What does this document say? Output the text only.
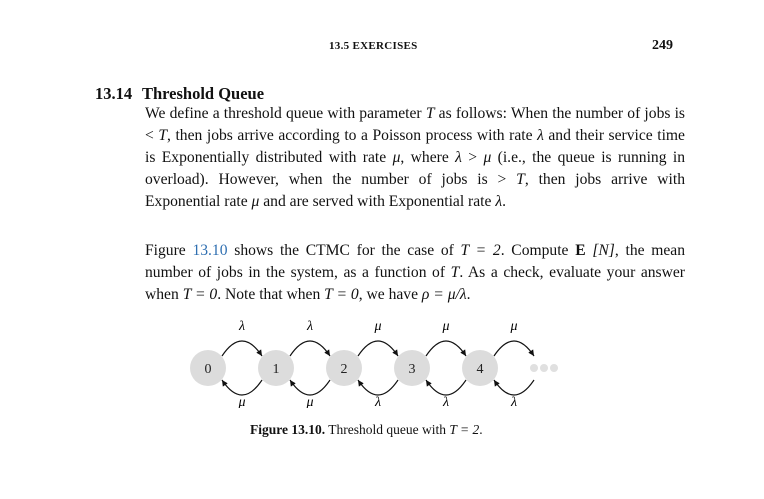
13.5 EXERCISES	249
13.14 Threshold Queue
We define a threshold queue with parameter T as follows: When the number of jobs is < T, then jobs arrive according to a Poisson process with rate λ and their service time is Exponentially distributed with rate μ, where λ > μ (i.e., the queue is running in overload). However, when the number of jobs is > T, then jobs arrive with Exponential rate μ and are served with Exponential rate λ.
Figure 13.10 shows the CTMC for the case of T = 2. Compute E [N], the mean number of jobs in the system, as a function of T. As a check, evaluate your answer when T = 0. Note that when T = 0, we have ρ = μ/λ.
0	1	2	3	4
λ
μ
λ
μ
μ
λ
μ
λ
μ
λ
Figure 13.10. Threshold queue with T = 2.
